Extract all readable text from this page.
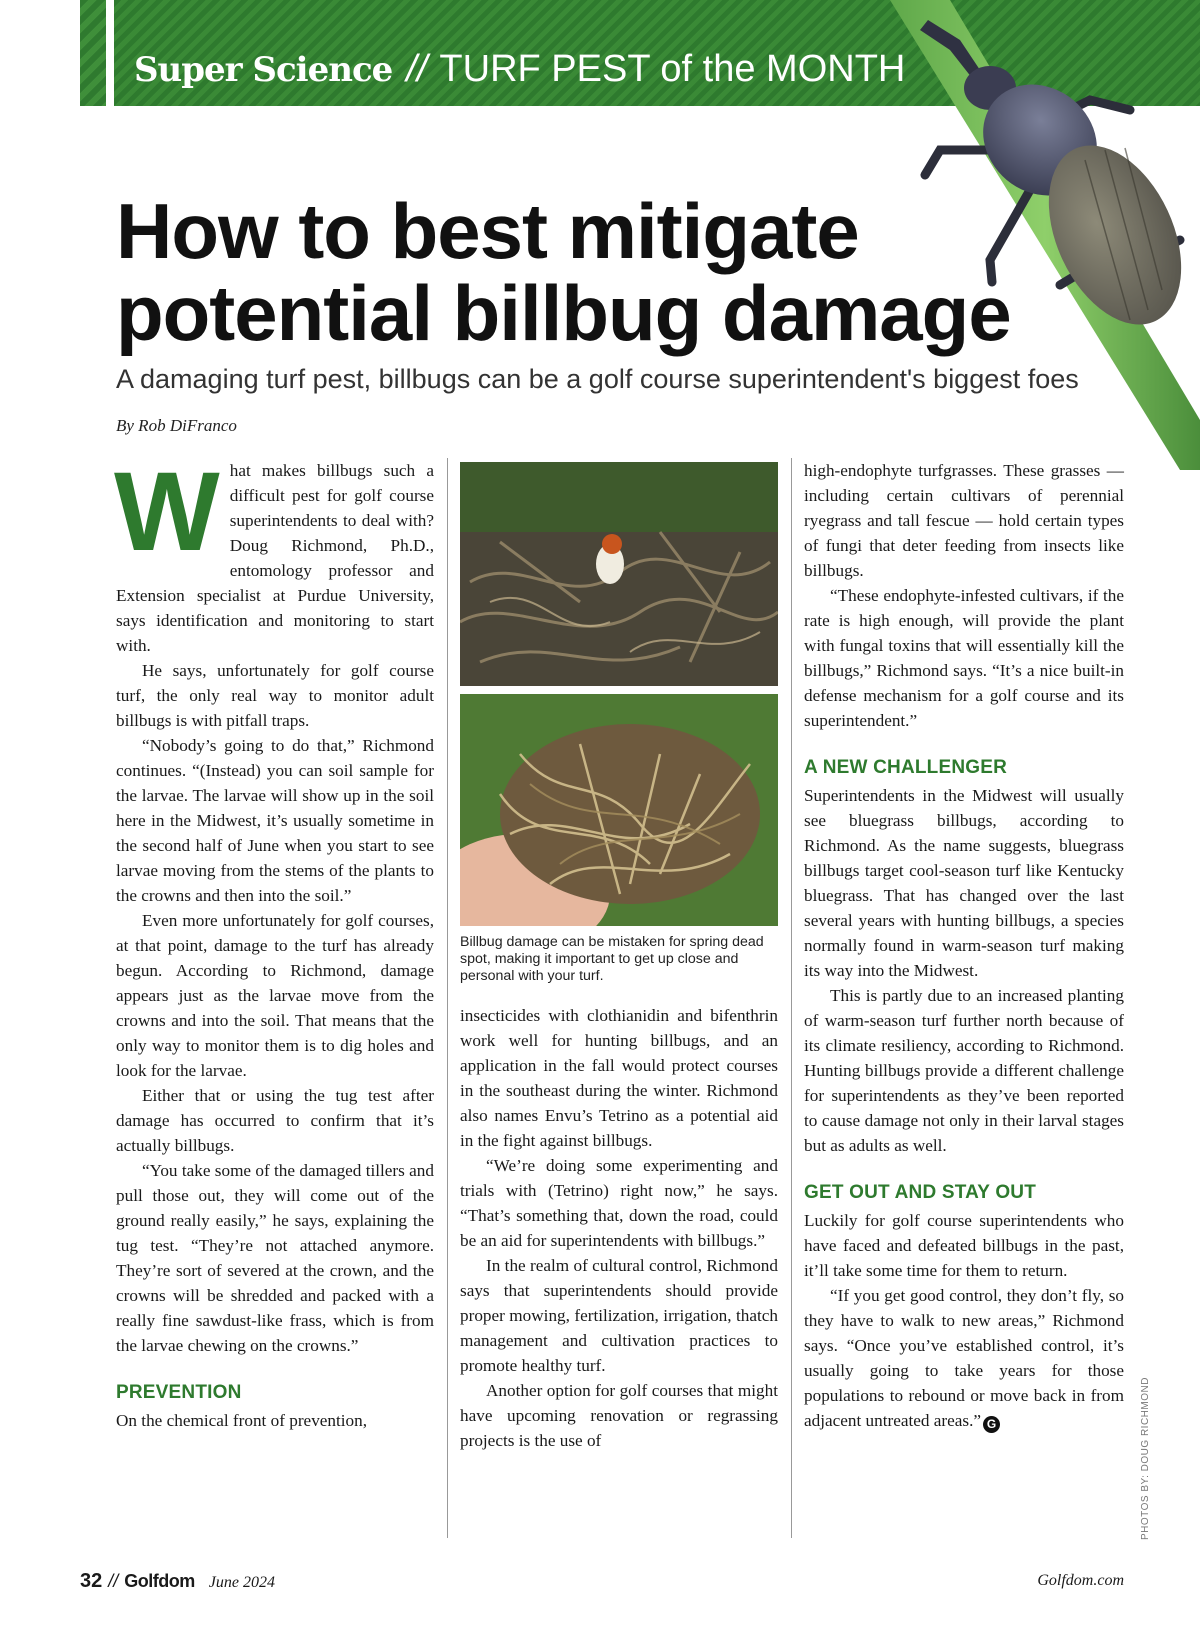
Super Science // TURF PEST of the MONTH
How to best mitigate potential billbug damage

A damaging turf pest, billbugs can be a golf course superintendent's biggest foes

By Rob DiFranco

What makes billbugs such a difficult pest for golf course superintendents to deal with? Doug Richmond, Ph.D., entomology professor and Extension specialist at Purdue University, says identification and monitoring to start with.

He says, unfortunately for golf course turf, the only real way to monitor adult billbugs is with pitfall traps.

“Nobody’s going to do that,” Richmond continues. “(Instead) you can soil sample for the larvae. The larvae will show up in the soil here in the Midwest, it’s usually sometime in the second half of June when you start to see larvae moving from the stems of the plants to the crowns and then into the soil.”

Even more unfortunately for golf courses, at that point, damage to the turf has already begun. According to Richmond, damage appears just as the larvae move from the crowns and into the soil. That means that the only way to monitor them is to dig holes and look for the larvae.

Either that or using the tug test after damage has occurred to confirm that it’s actually billbugs.

“You take some of the damaged tillers and pull those out, they will come out of the ground really easily,” he says, explaining the tug test. “They’re not attached anymore. They’re sort of severed at the crown, and the crowns will be shredded and packed with a really fine sawdust-like frass, which is from the larvae chewing on the crowns.”

PREVENTION

On the chemical front of prevention,

Billbug damage can be mistaken for spring dead spot, making it important to get up close and personal with your turf.

insecticides with clothianidin and bifenthrin work well for hunting billbugs, and an application in the fall would protect courses in the southeast during the winter. Richmond also names Envu’s Tetrino as a potential aid in the fight against billbugs.

“We’re doing some experimenting and trials with (Tetrino) right now,” he says. “That’s something that, down the road, could be an aid for superintendents with billbugs.”

In the realm of cultural control, Richmond says that superintendents should provide proper mowing, fertilization, irrigation, thatch management and cultivation practices to promote healthy turf.

Another option for golf courses that might have upcoming renovation or regrassing projects is the use of

high-endophyte turfgrasses. These grasses — including certain cultivars of perennial ryegrass and tall fescue — hold certain types of fungi that deter feeding from insects like billbugs.

“These endophyte-infested cultivars, if the rate is high enough, will provide the plant with fungal toxins that will essentially kill the billbugs,” Richmond says. “It’s a nice built-in defense mechanism for a golf course and its superintendent.”

A NEW CHALLENGER

Superintendents in the Midwest will usually see bluegrass billbugs, according to Richmond. As the name suggests, bluegrass billbugs target cool-season turf like Kentucky bluegrass. That has changed over the last several years with hunting billbugs, a species normally found in warm-season turf making its way into the Midwest.

This is partly due to an increased planting of warm-season turf further north because of its climate resiliency, according to Richmond. Hunting billbugs provide a different challenge for superintendents as they’ve been reported to cause damage not only in their larval stages but as adults as well.

GET OUT AND STAY OUT

Luckily for golf course superintendents who have faced and defeated billbugs in the past, it’ll take some time for them to return.

“If you get good control, they don’t fly, so they have to walk to new areas,” Richmond says. “Once you’ve established control, it’s usually going to take years for those populations to rebound or move back in from adjacent untreated areas.” G	PHOTOS BY: DOUG RICHMOND
32 // Golfdom June 2024	Golfdom.com
